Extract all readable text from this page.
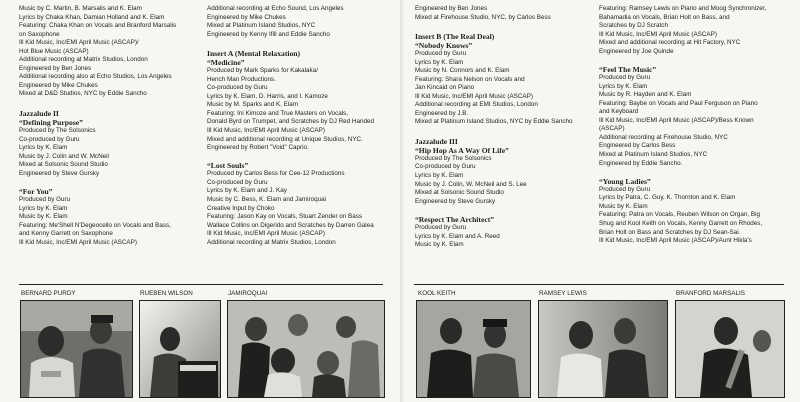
Music by C. Martin, B. Marsalis and K. Elam
Lyrics by Chaka Khan, Damian Holland and K. Elam
Featuring: Chaka Khan on Vocals and Branford Marsalis
on Saxophone
Ill Kid Music, Inc/EMI April Music (ASCAP)/
Hot Blue Music (ASCAP)
Additional recording at Matrix Studios, London
Engineered by Ben Jones
Additional recording also at Echo Studios, Los Angeles
Engineered by Mike Chukes
Mixed at D&D Studios, NYC by Eddie Sancho
Jazzalude II
“Defining Purpose”
Produced by The Solsonics
Co-produced by Guru
Lyrics by K. Elam
Music by J. Colin and W. McNeil
Mixed at Solsonic Sound Studio
Engineered by Steve Gursky
“For You”
Produced by Guru
Lyrics by K. Elam
Music by K. Elam
Featuring: Me'Shell N'Degeocello on Vocals and Bass,
and Kenny Garrett on Saxophone
Ill Kid Music, Inc/EMI April Music (ASCAP)
Additional recording at Echo Sound, Los Angeles
Engineered by Mike Chukes
Mixed at Platinum Island Studios, NYC
Engineered by Kenny Ifill and Eddie Sancho
Insert A (Mental Relaxation)
“Medicine”
Produced by Mark Sparks for Kakalaka/
Hench Man Productions.
Co-produced by Guru
Lyrics by K. Elam, D. Harris, and I. Kamoze
Music by M. Sparks and K. Elam
Featuring: Ini Kimoze and True Masters on Vocals,
Donald Byrd on Trumpet, and Scratches by DJ Red Handed
Ill Kid Music, Inc/EMI April Music (ASCAP)
Mixed and additional recording at Unique Studios, NYC.
Engineered by Robert "Void" Caprio.
“Lost Souls”
Produced by Carlos Bess for Cee-12 Productions
Co-produced by Guru
Lyrics by K. Elam and J. Kay
Music by C. Bess, K. Elam and Jamiroquai
Creative Input by Choko
Featuring: Jason Kay on Vocals, Stuart Zender on Bass
Wallace Collins on Digerido and Scratches by Darren Galea
Ill Kid Music, Inc/EMI April Music (ASCAP)
Additional recording at Matrix Studios, London
Engineered by Ben Jones
Mixed at Firehouse Studio, NYC, by Carlos Bess
Insert B (The Real Deal)
“Nobody Knows”
Produced by Guru
Lyrics by K. Elam
Music by N. Connors and K. Elam
Featuring: Shara Nelson on Vocals and
Jan Kincaid on Piano
Ill Kid Music, Inc/EMI April Music (ASCAP)
Additional recording at EMI Studios, London
Engineered by J.B.
Mixed at Platinum Island Studios, NYC by Eddie Sancho
Jazzalude III
“Hip Hop As A Way Of Life”
Produced by The Solsonics
Co-produced by Guru
Lyrics by K. Elam
Music by J. Colin, W. McNeil and S. Lee
Mixed at Solsonic Sound Studio
Engineered by Steve Gursky
“Respect The Architect”
Produced by Guru
Lyrics by K. Elam and A. Reed
Music by K. Elam
Featuring: Ramsey Lewis on Piano and Moog Synchronizer,
Bahamadia on Vocals, Brian Holt on Bass, and
Scratches by DJ Scratch
Ill Kid Music, Inc/EMI April Music (ASCAP)
Mixed and additional recording at Hit Factory, NYC
Engineered by Joe Quinde
“Feel The Music”
Produced by Guru
Lyrics by K. Elam
Music by R. Hayden and K. Elam
Featuring: Baybe on Vocals and Paul Ferguson on Piano
and Keyboard
Ill Kid Music, Inc/EMI April Music (ASCAP)/Bess Known
(ASCAP)
Additional recording at Firehouse Studio, NYC
Engineered by Carlos Bess
Mixed at Platinum Island Studios, NYC
Engineered by Eddie Sancho.
“Young Ladies”
Produced by Guru
Lyrics by Patra, C. Guy, K. Thornton and K. Elam
Music by K. Elam
Featuring: Patra on Vocals, Reuben Wilson on Organ, Big
Shug and Kool Keith on Vocals, Kenny Garrett on Rhodes,
Brian Holt on Bass and Scratches by DJ Sean-Sai.
Ill Kid Music, Inc/EMI April Music (ASCAP)/Aunt Hikla's
BERNARD PURDY	RUEBEN WILSON	JAMIROQUAI	KOOL KEITH	RAMSEY LEWIS	BRANFORD MARSALIS
